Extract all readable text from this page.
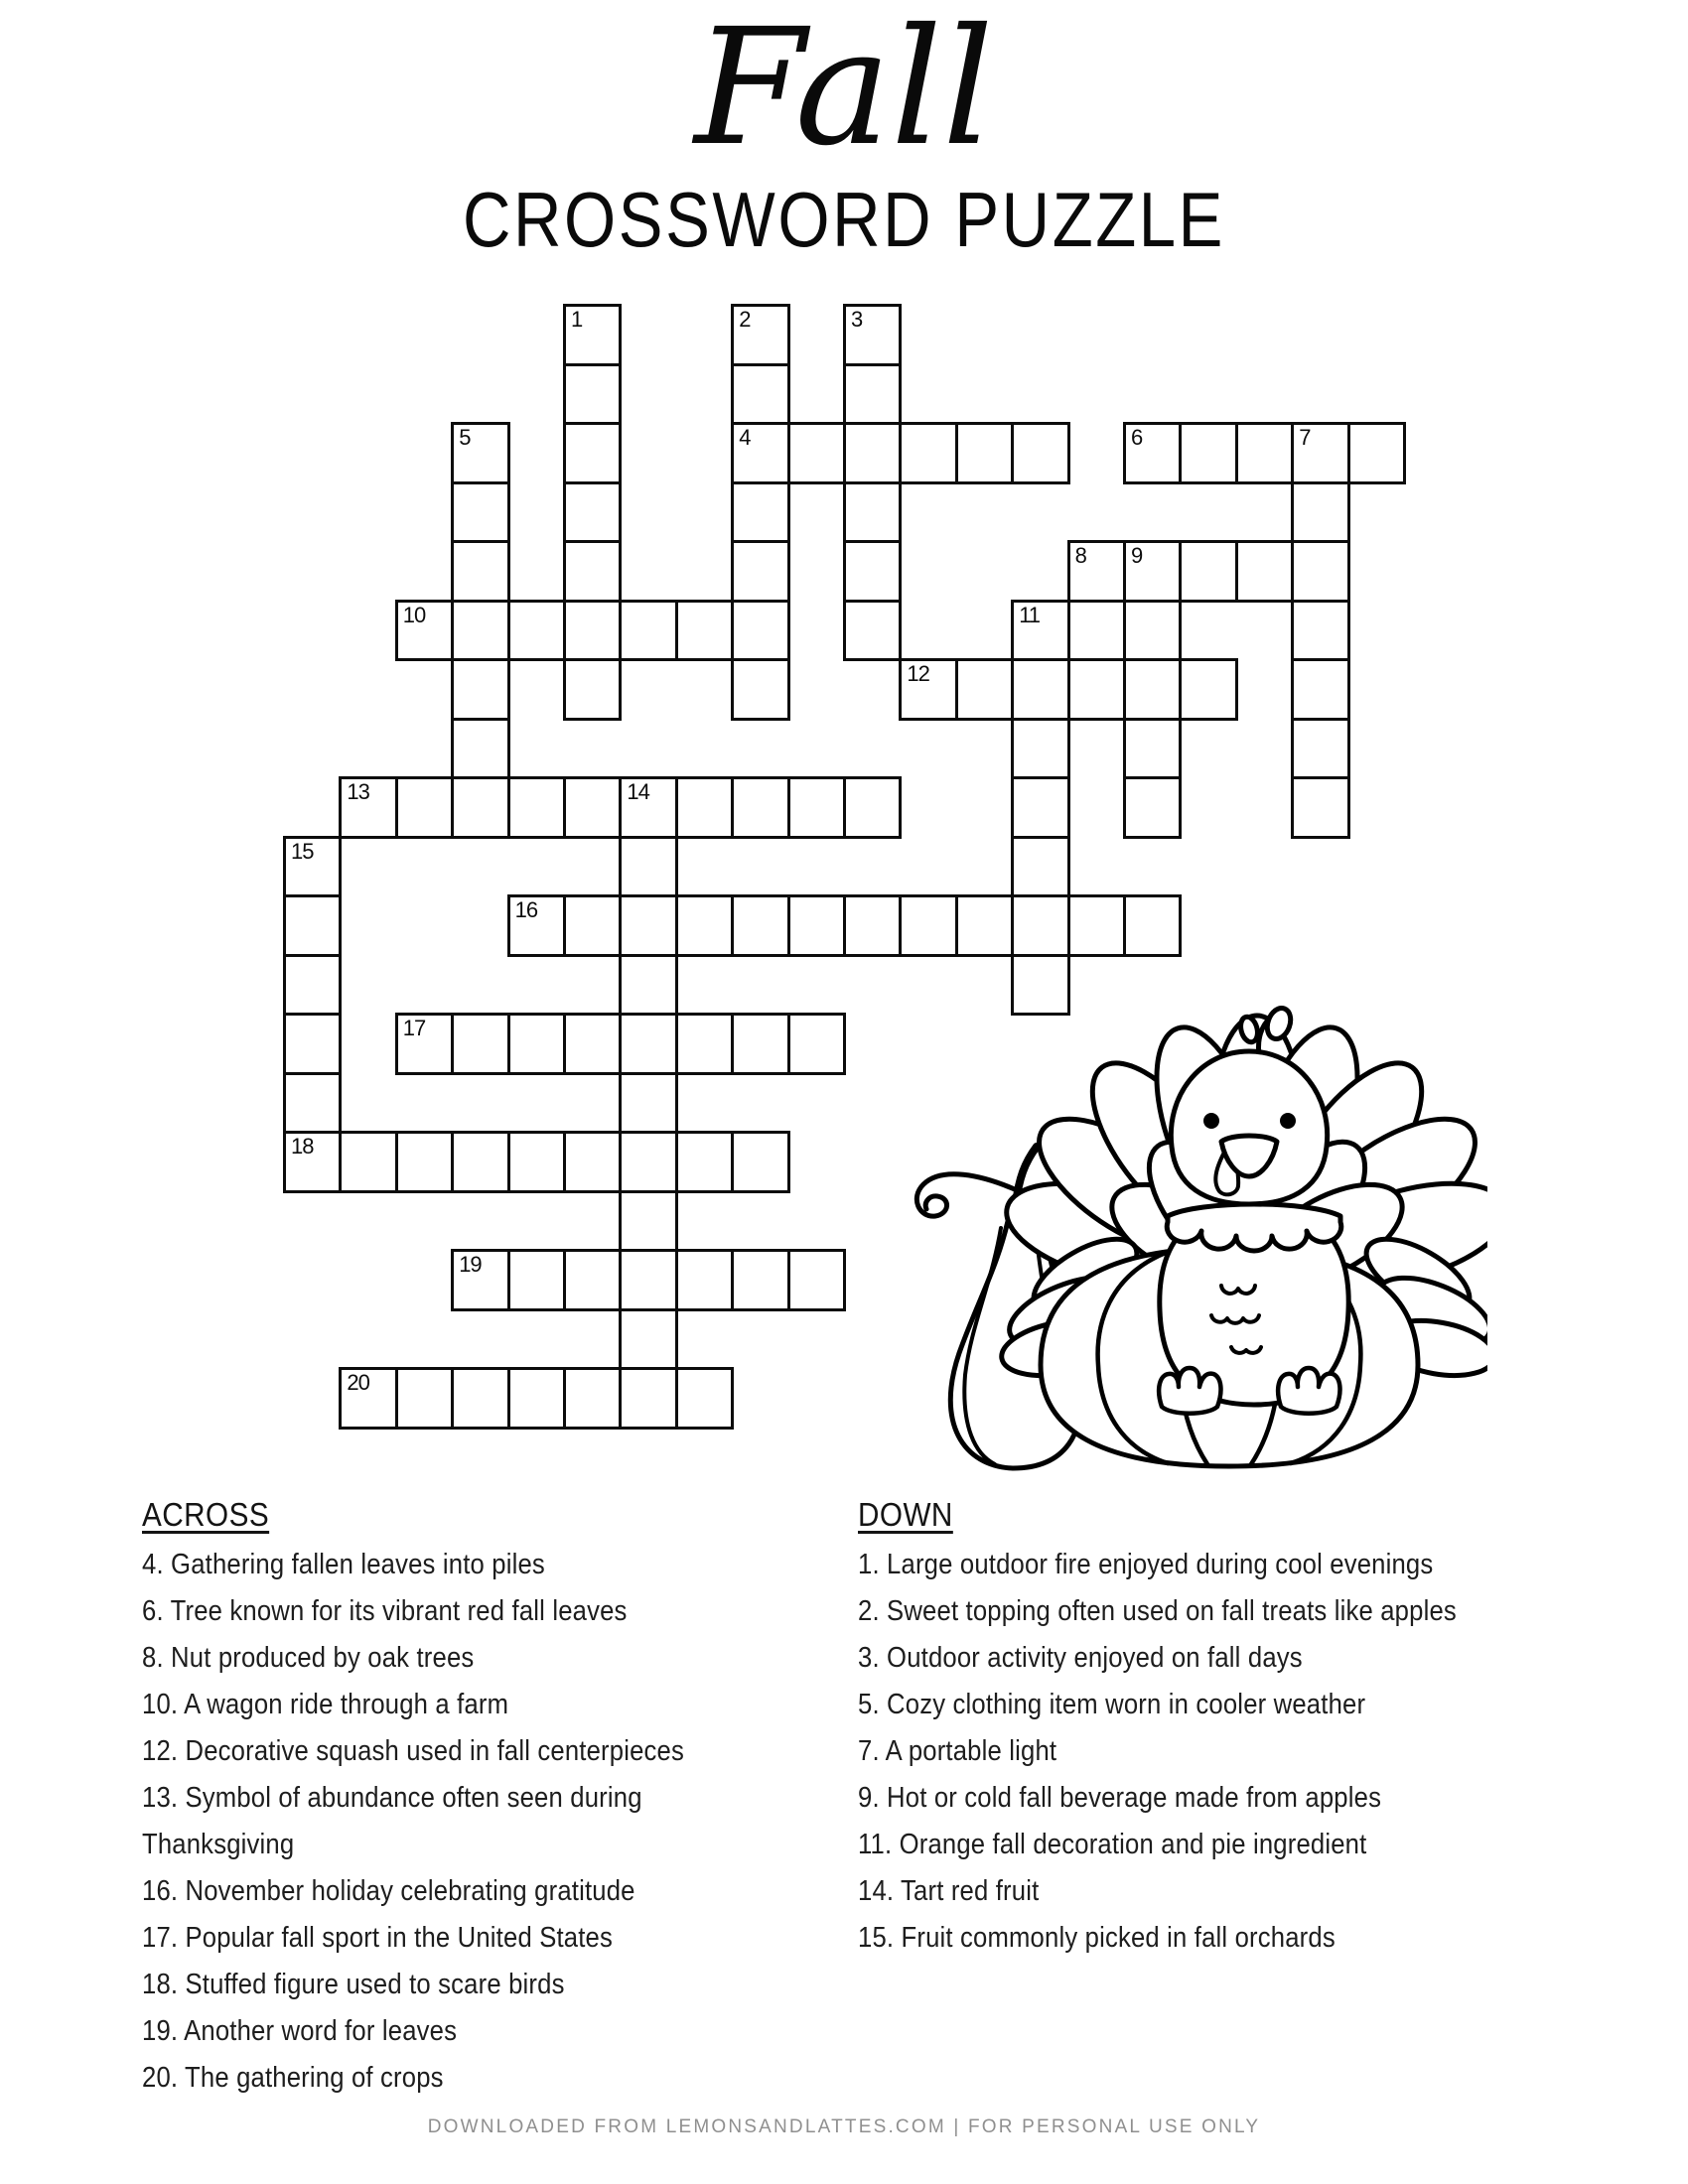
Fall
CROSSWORD PUZZLE
4	6	7
8 9
10
12
13	14
16
17
18
19
20
1	2	3
5
11
15
ACROSS
4. Gathering fallen leaves into piles
6. Tree known for its vibrant red fall leaves
8. Nut produced by oak trees
10. A wagon ride through a farm
12. Decorative squash used in fall centerpieces
13. Symbol of abundance often seen during Thanksgiving
16. November holiday celebrating gratitude
17. Popular fall sport in the United States
18. Stuffed figure used to scare birds
19. Another word for leaves
20. The gathering of crops
DOWN
1. Large outdoor fire enjoyed during cool evenings
2. Sweet topping often used on fall treats like apples
3. Outdoor activity enjoyed on fall days
5. Cozy clothing item worn in cooler weather
7. A portable light
9. Hot or cold fall beverage made from apples
11. Orange fall decoration and pie ingredient
14. Tart red fruit
15. Fruit commonly picked in fall orchards
DOWNLOADED FROM LEMONSANDLATTES.COM | FOR PERSONAL USE ONLY
